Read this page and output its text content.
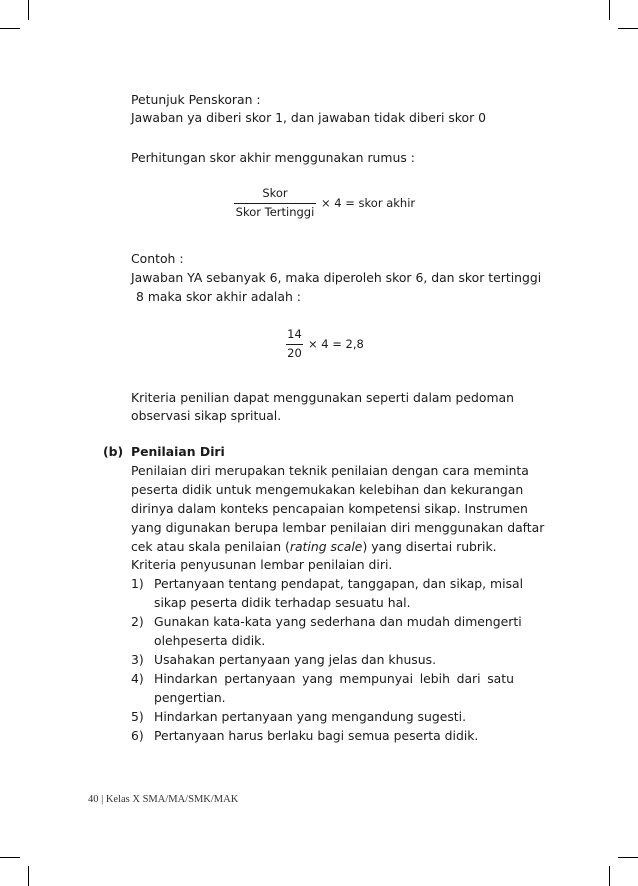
Petunjuk Penskoran :
Jawaban ya diberi skor 1, dan jawaban tidak diberi skor 0
Perhitungan skor akhir menggunakan rumus :
Skor
Skor Tertinggi
× 4 = skor akhir
Contoh :
Jawaban YA sebanyak 6, maka diperoleh skor 6, dan skor tertinggi
8 maka skor akhir adalah :
14
20
× 4 = 2,8
Kriteria penilian dapat menggunakan seperti dalam pedoman
observasi sikap spritual.
(b) Penilaian Diri
Penilaian diri merupakan teknik penilaian dengan cara meminta
peserta didik untuk mengemukakan kelebihan dan kekurangan
dirinya dalam konteks pencapaian kompetensi sikap. Instrumen
yang digunakan berupa lembar penilaian diri menggunakan daftar
cek atau skala penilaian (rating scale) yang disertai rubrik.
Kriteria penyusunan lembar penilaian diri.
1) Pertanyaan tentang pendapat, tanggapan, dan sikap, misal
sikap peserta didik terhadap sesuatu hal.
2) Gunakan kata-kata yang sederhana dan mudah dimengerti
olehpeserta didik.
3) Usahakan pertanyaan yang jelas dan khusus.
4) Hindarkan pertanyaan yang mempunyai lebih dari satu
pengertian.
5) Hindarkan pertanyaan yang mengandung sugesti.
6) Pertanyaan harus berlaku bagi semua peserta didik.
40 | Kelas X SMA/MA/SMK/MAK
